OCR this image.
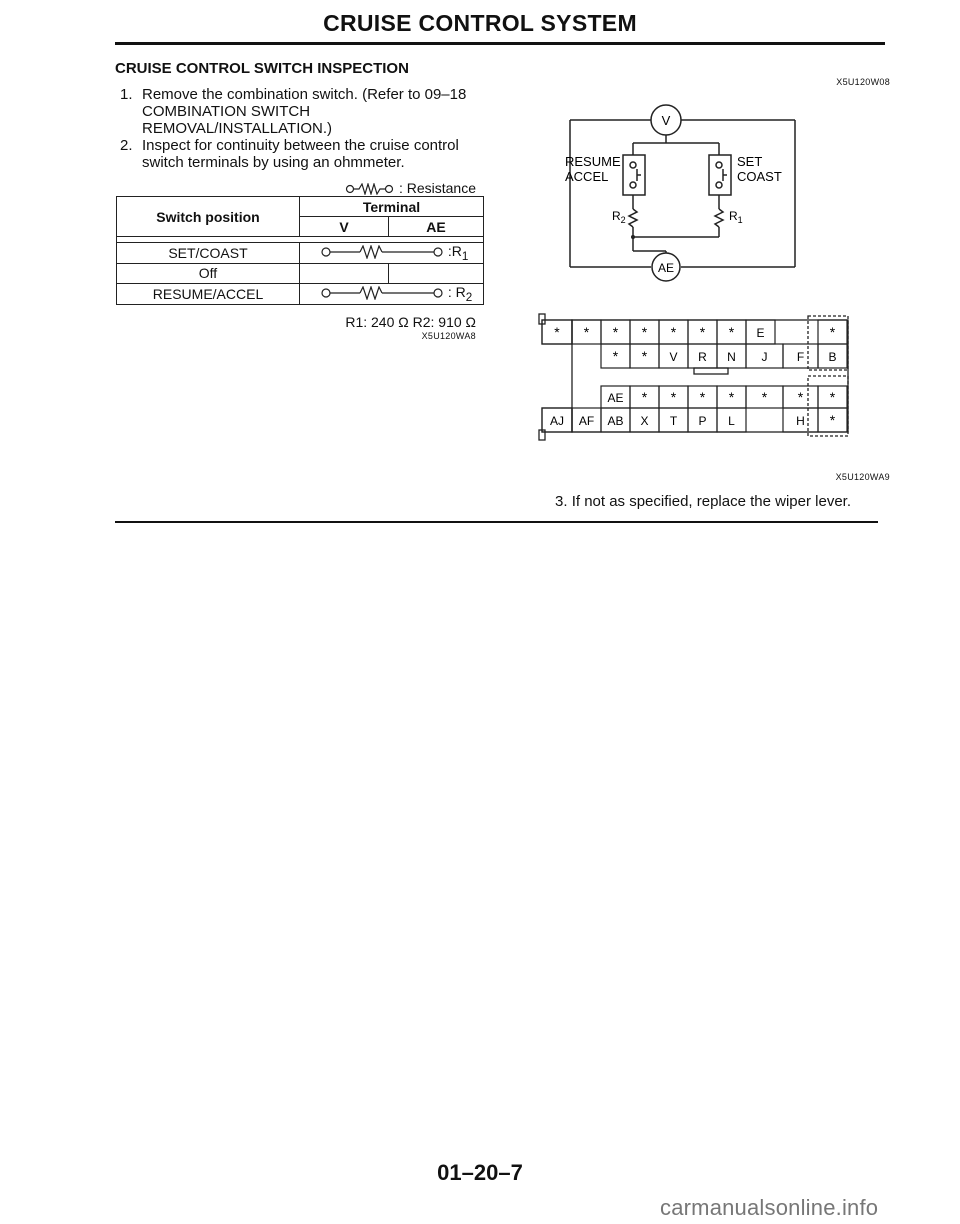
CRUISE CONTROL SYSTEM
CRUISE CONTROL SWITCH INSPECTION
1. Remove the combination switch. (Refer to 09–18 COMBINATION SWITCH REMOVAL/INSTALLATION.)
2. Inspect for continuity between the cruise control switch terminals by using an ohmmeter.
: Resistance
Switch position	Terminal	
	V	AE

SET/COAST	$:R_1$
Off		
RESUME/ACCEL	: $R_2$
R1: 240 Ω R2: 910 Ω
X5U120WA8
X5U120W08
V
AE
RESUME
ACCEL
SET
COAST
$R_2$	$R_1$
* * * * * * * E	*
* * V R N J F B
AE * * * * * * *
AJ AF AB X T P L	H *
X5U120WA9
3. If not as specified, replace the wiper lever.
01–20–7
carmanualsonline.info
